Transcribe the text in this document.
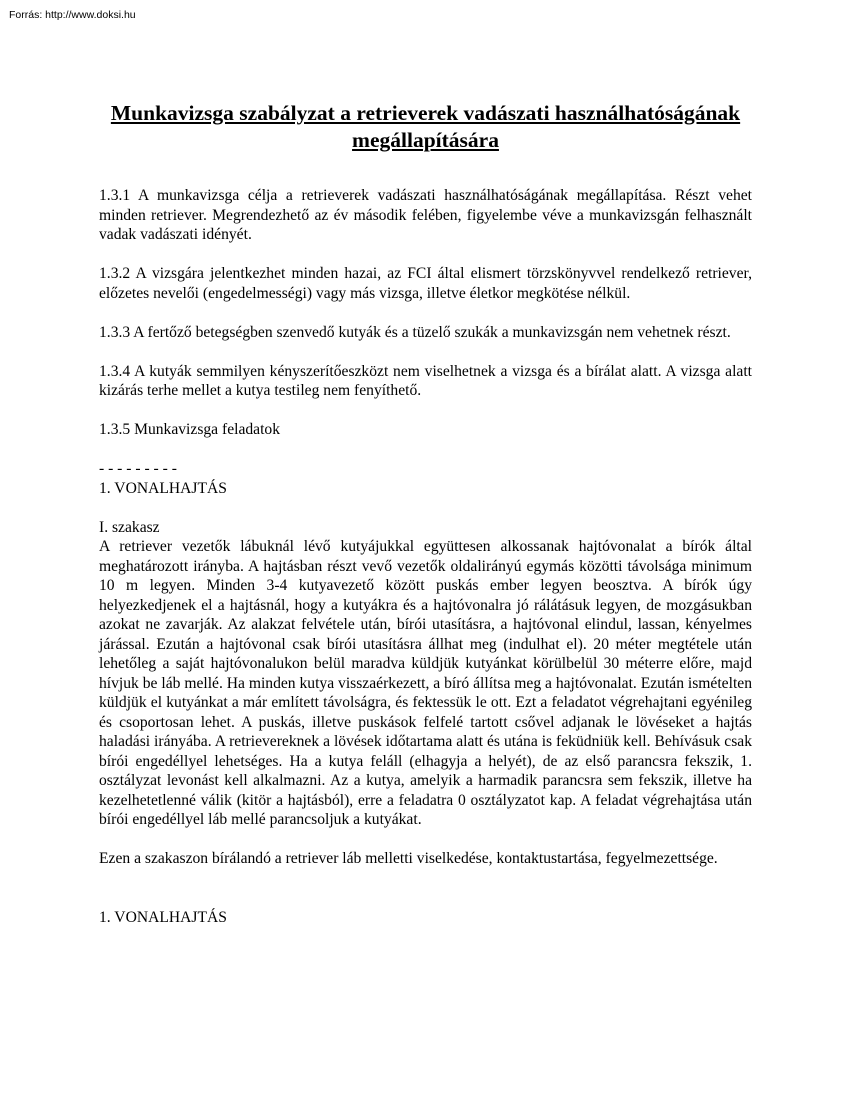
Forrás: http://www.doksi.hu
Munkavizsga szabályzat a retrieverek vadászati használhatóságának megállapítására

1.3.1 A munkavizsga célja a retrieverek vadászati használhatóságának megállapítása. Részt vehet minden retriever. Megrendezhető az év második felében, figyelembe véve a munkavizsgán felhasznált vadak vadászati idényét.

1.3.2 A vizsgára jelentkezhet minden hazai, az FCI által elismert törzskönyvvel rendelkező retriever, előzetes nevelői (engedelmességi) vagy más vizsga, illetve életkor megkötése nélkül.

1.3.3 A fertőző betegségben szenvedő kutyák és a tüzelő szukák a munkavizsgán nem vehetnek részt.

1.3.4 A kutyák semmilyen kényszerítőeszközt nem viselhetnek a vizsga és a bírálat alatt. A vizsga alatt kizárás terhe mellet a kutya testileg nem fenyíthető.

1.3.5 Munkavizsga feladatok

- - - - - - - - -

1. VONALHAJTÁS

I. szakasz

A retriever vezetők lábuknál lévő kutyájukkal együttesen alkossanak hajtóvonalat a bírók által meghatározott irányba. A hajtásban részt vevő vezetők oldalirányú egymás közötti távolsága minimum 10 m legyen. Minden 3-4 kutyavezető között puskás ember legyen beosztva. A bírók úgy helyezkedjenek el a hajtásnál, hogy a kutyákra és a hajtóvonalra jó rálátásuk legyen, de mozgásukban azokat ne zavarják. Az alakzat felvétele után, bírói utasításra, a hajtóvonal elindul, lassan, kényelmes járással. Ezután a hajtóvonal csak bírói utasításra állhat meg (indulhat el). 20 méter megtétele után lehetőleg a saját hajtóvonalukon belül maradva küldjük kutyánkat körülbelül 30 méterre előre, majd hívjuk be láb mellé. Ha minden kutya visszaérkezett, a bíró állítsa meg a hajtóvonalat. Ezután ismételten küldjük el kutyánkat a már említett távolságra, és fektessük le ott. Ezt a feladatot végrehajtani egyénileg és csoportosan lehet. A puskás, illetve puskások felfelé tartott csővel adjanak le lövéseket a hajtás haladási irányába. A retrievereknek a lövések időtartama alatt és utána is feküdniük kell. Behívásuk csak bírói engedéllyel lehetséges. Ha a kutya feláll (elhagyja a helyét), de az első parancsra fekszik, 1. osztályzat levonást kell alkalmazni. Az a kutya, amelyik a harmadik parancsra sem fekszik, illetve ha kezelhetetlenné válik (kitör a hajtásból), erre a feladatra 0 osztályzatot kap. A feladat végrehajtása után bírói engedéllyel láb mellé parancsoljuk a kutyákat.

Ezen a szakaszon bírálandó a retriever láb melletti viselkedése, kontaktustartása, fegyelmezettsége.

1. VONALHAJTÁS
